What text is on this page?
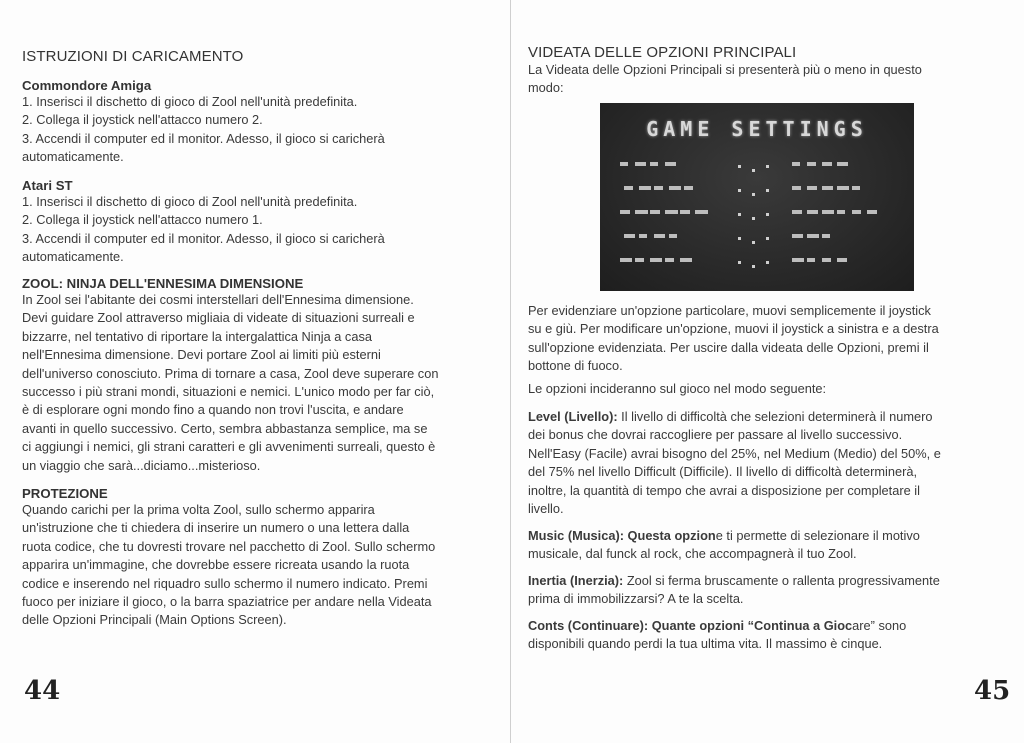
ISTRUZIONI DI CARICAMENTO
Commondore Amiga
1. Inserisci il dischetto di gioco di Zool nell'unità predefinita.
2. Collega il joystick nell'attacco numero 2.
3. Accendi il computer ed il monitor. Adesso, il gioco si caricherà
automaticamente.
Atari ST
1. Inserisci il dischetto di gioco di Zool nell'unità predefinita.
2. Collega il joystick nell'attacco numero 1.
3. Accendi il computer ed il monitor. Adesso, il gioco si caricherà
automaticamente.
ZOOL: NINJA DELL'ENNESIMA DIMENSIONE
In Zool sei l'abitante dei cosmi interstellari dell'Ennesima dimensione.
Devi guidare Zool attraverso migliaia di videate di situazioni surreali e
bizzarre, nel tentativo di riportare la intergalattica Ninja a casa
nell'Ennesima dimensione. Devi portare Zool ai limiti più esterni
dell'universo conosciuto. Prima di tornare a casa, Zool deve superare con
successo i più strani mondi, situazioni e nemici. L'unico modo per far ciò,
è di esplorare ogni mondo fino a quando non trovi l'uscita, e andare
avanti in quello successivo. Certo, sembra abbastanza semplice, ma se
ci aggiungi i nemici, gli strani caratteri e gli avvenimenti surreali, questo è
un viaggio che sarà...diciamo...misterioso.
PROTEZIONE
Quando carichi per la prima volta Zool, sullo schermo apparira
un'istruzione che ti chiedera di inserire un numero o una lettera dalla
ruota codice, che tu dovresti trovare nel pacchetto di Zool. Sullo schermo
apparira un'immagine, che dovrebbe essere ricreata usando la ruota
codice e inserendo nel riquadro sullo schermo il numero indicato. Premi
fuoco per iniziare il gioco, o la barra spaziatrice per andare nella Videata
delle Opzioni Principali (Main Options Screen).
44
VIDEATA DELLE OPZIONI PRINCIPALI
La Videata delle Opzioni Principali si presenterà più o meno in questo
modo:
GAME SETTINGS
Per evidenziare un'opzione particolare, muovi semplicemente il joystick
su e giù. Per modificare un'opzione, muovi il joystick a sinistra e a destra
sull'opzione evidenziata. Per uscire dalla videata delle Opzioni, premi il
bottone di fuoco.

Le opzioni incideranno sul gioco nel modo seguente:

Level (Livello): Il livello di difficoltà che selezioni determinerà il numero
dei bonus che dovrai raccogliere per passare al livello successivo.
Nell'Easy (Facile) avrai bisogno del 25%, nel Medium (Medio) del 50%, e
del 75% nel livello Difficult (Difficile). Il livello di difficoltà determinerà,
inoltre, la quantità di tempo che avrai a disposizione per completare il
livello.
Music (Musica): Questa opzione ti permette di selezionare il motivo
musicale, dal funck al rock, che accompagnerà il tuo Zool.
Inertia (Inerzia): Zool si ferma bruscamente o rallenta progressivamente
prima di immobilizzarsi? A te la scelta.
Conts (Continuare): Quante opzioni “Continua a Giocare” sono
disponibili quando perdi la tua ultima vita. Il massimo è cinque.
45
